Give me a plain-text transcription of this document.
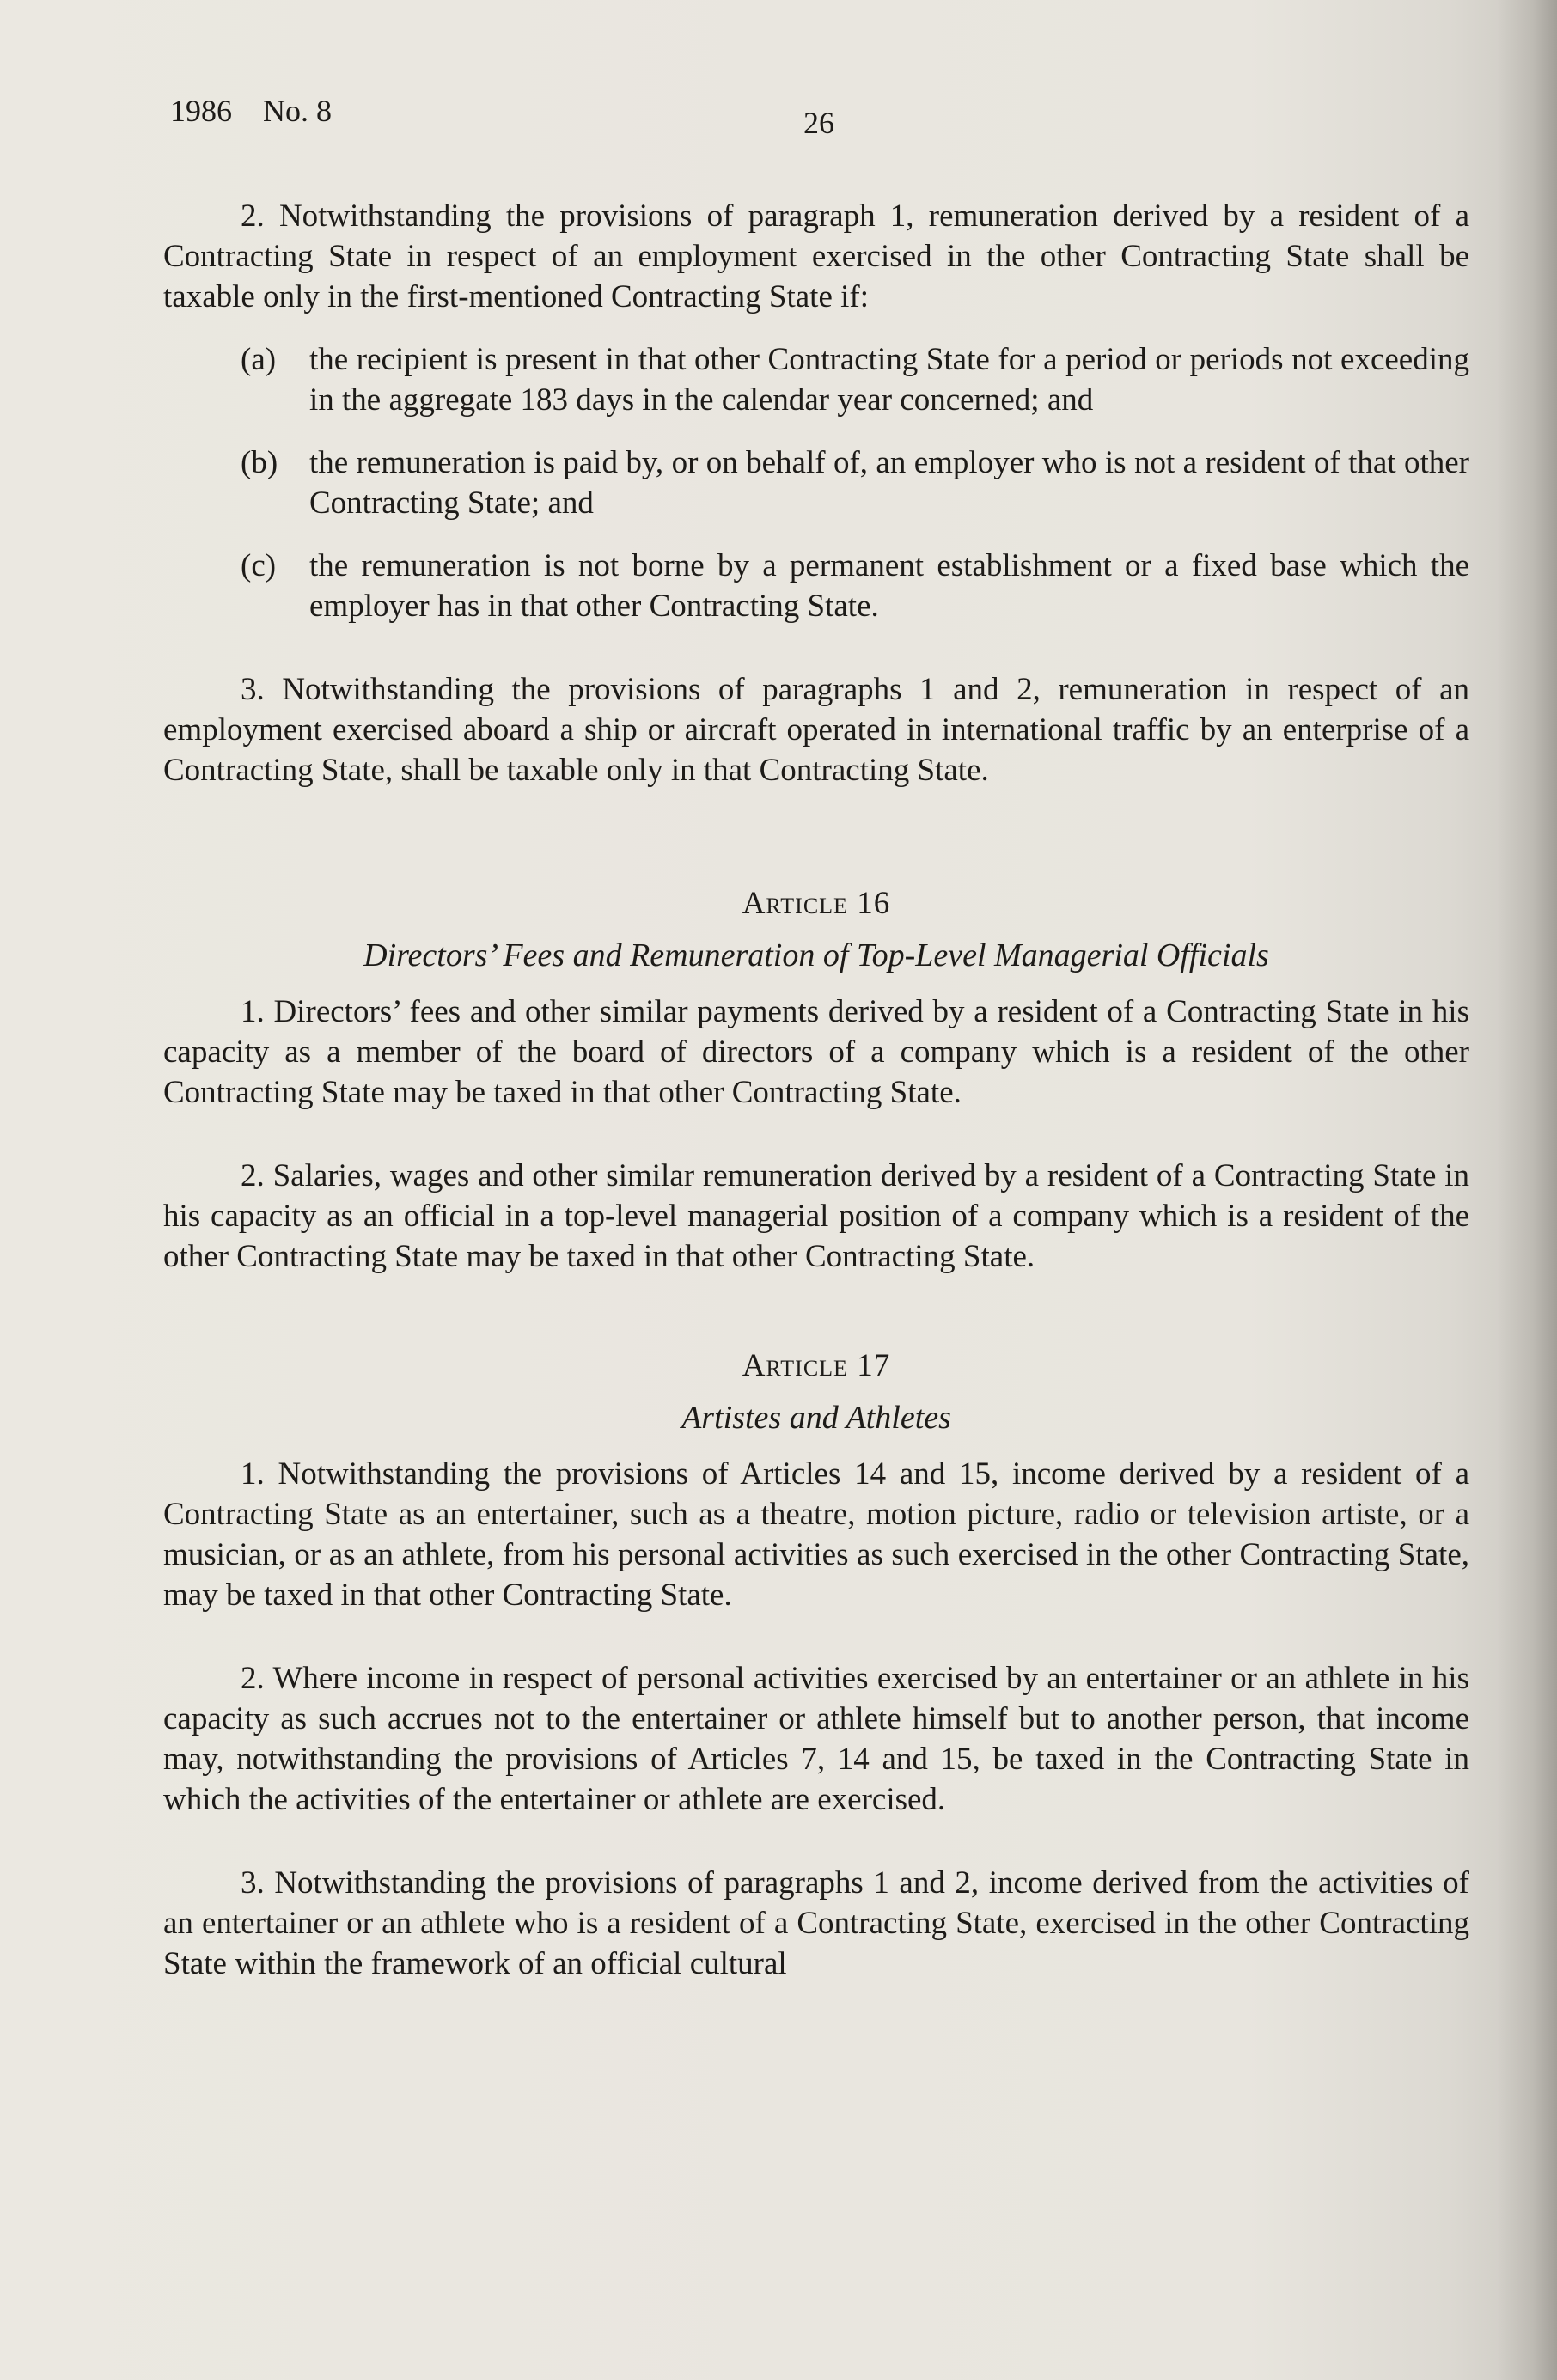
1986    No. 8	26

2. Notwithstanding the provisions of paragraph 1, remuneration derived by a resident of a Contracting State in respect of an employment exercised in the other Contracting State shall be taxable only in the first-mentioned Contracting State if:

(a) the recipient is present in that other Contracting State for a period or periods not exceeding in the aggregate 183 days in the calendar year concerned; and
(b) the remuneration is paid by, or on behalf of, an employer who is not a resident of that other Contracting State; and
(c) the remuneration is not borne by a permanent establishment or a fixed base which the employer has in that other Contracting State.

3. Notwithstanding the provisions of paragraphs 1 and 2, remuneration in respect of an employment exercised aboard a ship or aircraft operated in international traffic by an enterprise of a Contracting State, shall be taxable only in that Contracting State.

Article 16
Directors’ Fees and Remuneration of Top-Level Managerial Officials

1. Directors’ fees and other similar payments derived by a resident of a Contracting State in his capacity as a member of the board of directors of a company which is a resident of the other Contracting State may be taxed in that other Contracting State.

2. Salaries, wages and other similar remuneration derived by a resident of a Contracting State in his capacity as an official in a top-level managerial position of a company which is a resident of the other Contracting State may be taxed in that other Contracting State.

Article 17
Artistes and Athletes

1. Notwithstanding the provisions of Articles 14 and 15, income derived by a resident of a Contracting State as an entertainer, such as a theatre, motion picture, radio or television artiste, or a musician, or as an athlete, from his personal activities as such exercised in the other Contracting State, may be taxed in that other Contracting State.

2. Where income in respect of personal activities exercised by an entertainer or an athlete in his capacity as such accrues not to the entertainer or athlete himself but to another person, that income may, notwithstanding the provisions of Articles 7, 14 and 15, be taxed in the Contracting State in which the activities of the entertainer or athlete are exercised.

3. Notwithstanding the provisions of paragraphs 1 and 2, income derived from the activities of an entertainer or an athlete who is a resident of a Contracting State, exercised in the other Contracting State within the framework of an official cultural
